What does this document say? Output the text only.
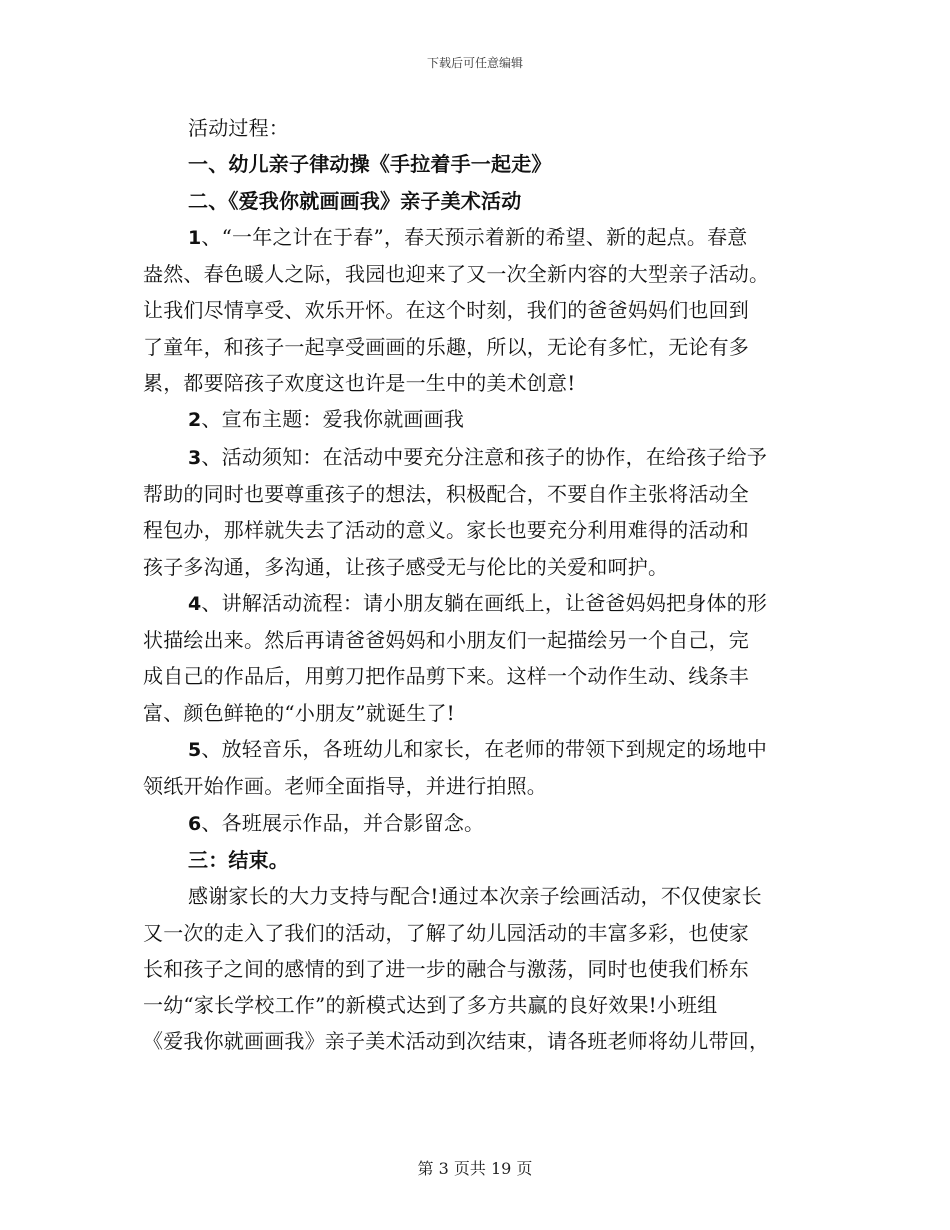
下载后可任意编辑
活动过程：
一、幼儿亲子律动操《手拉着手一起走》
二、《爱我你就画画我》亲子美术活动
1、“一年之计在于春”，春天预示着新的希望、新的起点。春意
盎然、春色暖人之际，我园也迎来了又一次全新内容的大型亲子活动。
让我们尽情享受、欢乐开怀。在这个时刻，我们的爸爸妈妈们也回到
了童年，和孩子一起享受画画的乐趣，所以，无论有多忙，无论有多
累，都要陪孩子欢度这也许是一生中的美术创意!
2、宣布主题：爱我你就画画我
3、活动须知：在活动中要充分注意和孩子的协作，在给孩子给予
帮助的同时也要尊重孩子的想法，积极配合，不要自作主张将活动全
程包办，那样就失去了活动的意义。家长也要充分利用难得的活动和
孩子多沟通，多沟通，让孩子感受无与伦比的关爱和呵护。
4、讲解活动流程：请小朋友躺在画纸上，让爸爸妈妈把身体的形
状描绘出来。然后再请爸爸妈妈和小朋友们一起描绘另一个自己，完
成自己的作品后，用剪刀把作品剪下来。这样一个动作生动、线条丰
富、颜色鲜艳的“小朋友”就诞生了!
5、放轻音乐，各班幼儿和家长，在老师的带领下到规定的场地中
领纸开始作画。老师全面指导，并进行拍照。
6、各班展示作品，并合影留念。
三：结束。
感谢家长的大力支持与配合!通过本次亲子绘画活动，不仅使家长
又一次的走入了我们的活动，了解了幼儿园活动的丰富多彩，也使家
长和孩子之间的感情的到了进一步的融合与激荡，同时也使我们桥东
一幼“家长学校工作”的新模式达到了多方共赢的良好效果!小班组
《爱我你就画画我》亲子美术活动到次结束，请各班老师将幼儿带回，
第 3 页共 19 页
